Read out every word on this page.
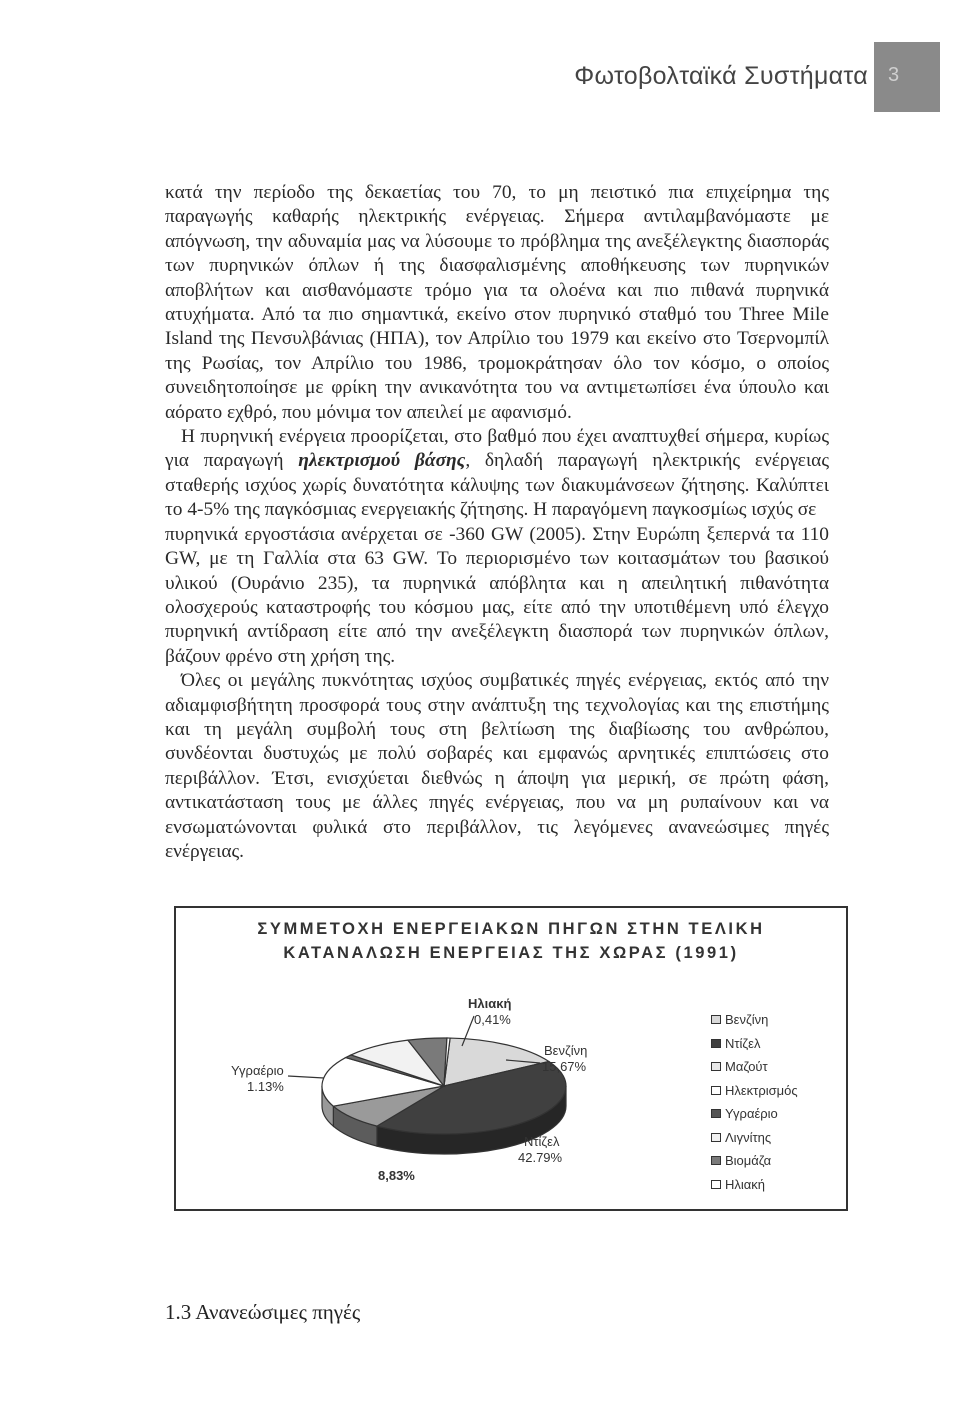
Φωτοβολταϊκά Συστήματα 3

κατά την περίοδο της δεκαετίας του 70, το μη πειστικό πια επιχείρημα της παραγωγής καθαρής ηλεκτρικής ενέργειας. Σήμερα αντιλαμβανόμαστε με απόγνωση, την αδυναμία μας να λύσουμε το πρόβλημα της ανεξέλεγκτης διασποράς των πυρηνικών όπλων ή της διασφαλισμένης αποθήκευσης των πυρηνικών αποβλήτων και αισθανόμαστε τρόμο για τα ολοένα και πιο πιθανά πυρηνικά ατυχήματα. Από τα πιο σημαντικά, εκείνο στον πυρηνικό σταθμό του Three Mile Island της Πενσυλβάνιας (ΗΠΑ), τον Απρίλιο του 1979 και εκείνο στο Τσερνομπίλ της Ρωσίας, τον Απρίλιο του 1986, τρομοκράτησαν όλο τον κόσμο, ο οποίος συνειδητοποίησε με φρίκη την ανικανότητα του να αντιμετωπίσει ένα ύπουλο και αόρατο εχθρό, που μόνιμα τον απειλεί με αφανισμό.

Η πυρηνική ενέργεια προορίζεται, στο βαθμό που έχει αναπτυχθεί σήμερα, κυρίως για παραγωγή ηλεκτρισμού βάσης, δηλαδή παραγωγή ηλεκτρικής ενέργειας σταθερής ισχύος χωρίς δυνατότητα κάλυψης των διακυμάνσεων ζήτησης. Καλύπτει το 4-5% της παγκόσμιας ενεργειακής ζήτησης. Η παραγόμενη παγκοσμίως ισχύς σε

πυρηνικά εργοστάσια ανέρχεται σε -360 GW (2005). Στην Ευρώπη ξεπερνά τα 110 GW, με τη Γαλλία στα 63 GW. Το περιορισμένο των κοιτασμάτων του βασικού υλικού (Ουράνιο 235), τα πυρηνικά απόβλητα και η απειλητική πιθανότητα ολοσχερούς καταστροφής του κόσμου μας, είτε από την υποτιθέμενη υπό έλεγχο πυρηνική αντίδραση είτε από την ανεξέλεγκτη διασπορά των πυρηνικών όπλων, βάζουν φρένο στη χρήση της.

Όλες οι μεγάλης πυκνότητας ισχύος συμβατικές πηγές ενέργειας, εκτός από την αδιαμφισβήτητη προσφορά τους στην ανάπτυξη της τεχνολογίας και της επιστήμης και τη μεγάλη συμβολή τους στη βελτίωση της διαβίωσης του ανθρώπου, συνδέονται δυστυχώς με πολύ σοβαρές και εμφανώς αρνητικές επιπτώσεις στο περιβάλλον. Έτσι, ενισχύεται διεθνώς η άποψη για μερική, σε πρώτη φάση, αντικατάσταση τους με άλλες πηγές ενέργειας, που να μη ρυπαίνουν και να ενσωματώνονται φυλικά στο περιβάλλον, τις λεγόμενες ανανεώσιμες πηγές ενέργειας.

ΣΥΜΜΕΤΟΧΗ ΕΝΕΡΓΕΙΑΚΩΝ ΠΗΓΩΝ ΣΤΗΝ ΤΕΛΙΚΗ
ΚΑΤΑΝΑΛΩΣΗ ΕΝΕΡΓΕΙΑΣ ΤΗΣ ΧΩΡΑΣ (1991)
Ηλιακή
0,41%
Βενζίνη
15,67%
Υγραέριο
1.13%
Ντίζελ
42.79%
8,83%
Βενζίνη
Ντίζελ
Μαζούτ
Ηλεκτρισμός
Υγραέριο
Λιγνίτης
Βιομάζα
Ηλιακή
1.3 Ανανεώσιμες πηγές
